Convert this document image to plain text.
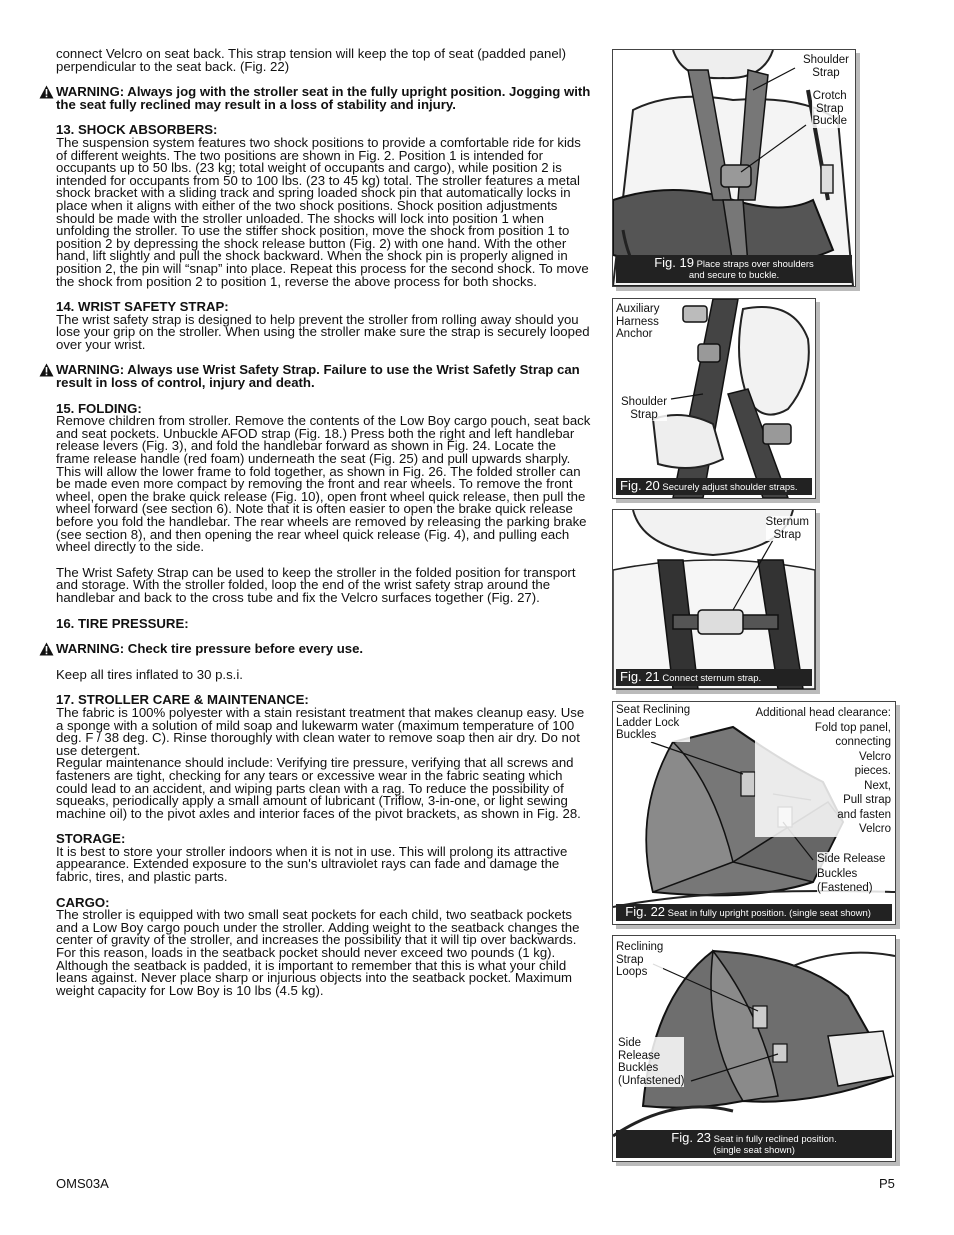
connect Velcro on seat back. This strap tension will keep the top of seat (padded panel) perpendicular to the seat back. (Fig. 22)

WARNING: Always jog with the stroller seat in the fully upright position. Jogging with the seat fully reclined may result in a loss of stability and injury.

13. SHOCK ABSORBERS:

The suspension system features two shock positions to provide a comfortable ride for kids of different weights. The two positions are shown in Fig. 2. Position 1 is intended for occupants up to 50 lbs. (23 kg; total weight of occupants and cargo), while position 2 is intended for occupants from 50 to 100 lbs. (23 to 45 kg) total. The stroller features a metal shock bracket with a sliding track and spring loaded shock pin that automatically locks in place when it aligns with either of the two shock positions. Shock position adjustments should be made with the stroller unloaded. The shocks will lock into position 1 when unfolding the stroller. To use the stiffer shock position, move the shock from position 1 to position 2 by depressing the shock release button (Fig. 2) with one hand. With the other hand, lift slightly and pull the shock backward. When the shock pin is properly aligned in position 2, the pin will “snap” into place. Repeat this process for the second shock. To move the shock from position 2 to position 1, reverse the above process for both shocks.

14. WRIST SAFETY STRAP:

The wrist safety strap is designed to help prevent the stroller from rolling away should you lose your grip on the stroller. When using the stroller make sure the strap is securely looped over your wrist.

WARNING: Always use Wrist Safety Strap. Failure to use the Wrist Safetly Strap can result in loss of control, injury and death.

15. FOLDING:

Remove children from stroller. Remove the contents of the Low Boy cargo pouch, seat back and seat pockets. Unbuckle AFOD strap (Fig. 18.) Press both the right and left handlebar release levers (Fig. 3), and fold the handlebar forward as shown in Fig. 24. Locate the frame release handle (red foam) underneath the seat (Fig. 25) and pull upwards sharply. This will allow the lower frame to fold together, as shown in Fig. 26. The folded stroller can be made even more compact by removing the front and rear wheels. To remove the front wheel, open the brake quick release (Fig. 10), open front wheel quick release, then pull the wheel forward (see section 6). Note that it is often easier to open the brake quick release before you fold the handlebar. The rear wheels are removed by releasing the parking brake (see section 8), and then opening the rear wheel quick release (Fig. 4), and pulling each wheel directly to the side.

The Wrist Safety Strap can be used to keep the stroller in the folded position for transport and storage. With the stroller folded, loop the end of the wrist safety strap around the handlebar and back to the cross tube and fix the Velcro surfaces together (Fig. 27).

16. TIRE PRESSURE:

WARNING: Check tire pressure before every use.

Keep all tires inflated to 30 p.s.i.

17. STROLLER CARE & MAINTENANCE:

The fabric is 100% polyester with a stain resistant treatment that makes cleanup easy. Use a sponge with a solution of mild soap and lukewarm water (maximum temperature of 100 deg. F / 38 deg. C). Rinse thoroughly with clean water to remove soap then air dry. Do not use detergent.

Regular maintenance should include: Verifying tire pressure, verifying that all screws and fasteners are tight, checking for any tears or excessive wear in the fabric seating which could lead to an accident, and wiping parts clean with a rag. To reduce the possibility of squeaks, periodically apply a small amount of lubricant (Triflow, 3-in-one, or light sewing machine oil) to the pivot axles and interior faces of the pivot brackets, as shown in Fig. 28.

STORAGE:

It is best to store your stroller indoors when it is not in use. This will prolong its attractive appearance. Extended exposure to the sun's ultraviolet rays can fade and damage the fabric, tires, and plastic parts.

CARGO:

The stroller is equipped with two small seat pockets for each child, two seatback pockets and a Low Boy cargo pouch under the stroller. Adding weight to the seatback changes the center of gravity of the stroller, and increases the possibility that it will tip over backwards. For this reason, loads in the seatback pocket should never exceed two pounds (1 kg). Although the seatback is padded, it is important to remember that this is what your child leans against. Never place sharp or injurious objects into the seatback pocket. Maximum weight capacity for Low Boy is 10 lbs (4.5 kg).

Shoulder
Strap
Crotch
Strap
Buckle
Fig. 19 Place straps over shoulders
and secure to buckle.
Auxiliary
Harness
Anchor
Shoulder
Strap
Fig. 20 Securely adjust shoulder straps.
Sternum
Strap
Fig. 21 Connect sternum strap.
Seat Reclining
Ladder Lock
Buckles
Additional head clearance:
Fold top panel,
connecting
Velcro
pieces.
Next,
Pull strap
and fasten
Velcro
Side Release
Buckles
(Fastened)
Fig. 22 Seat in fully upright position. (single seat shown)
Reclining
Strap
Loops
Side
Release
Buckles
(Unfastened)
Fig. 23 Seat in fully reclined position.
(single seat shown)
OMS03A	P5
